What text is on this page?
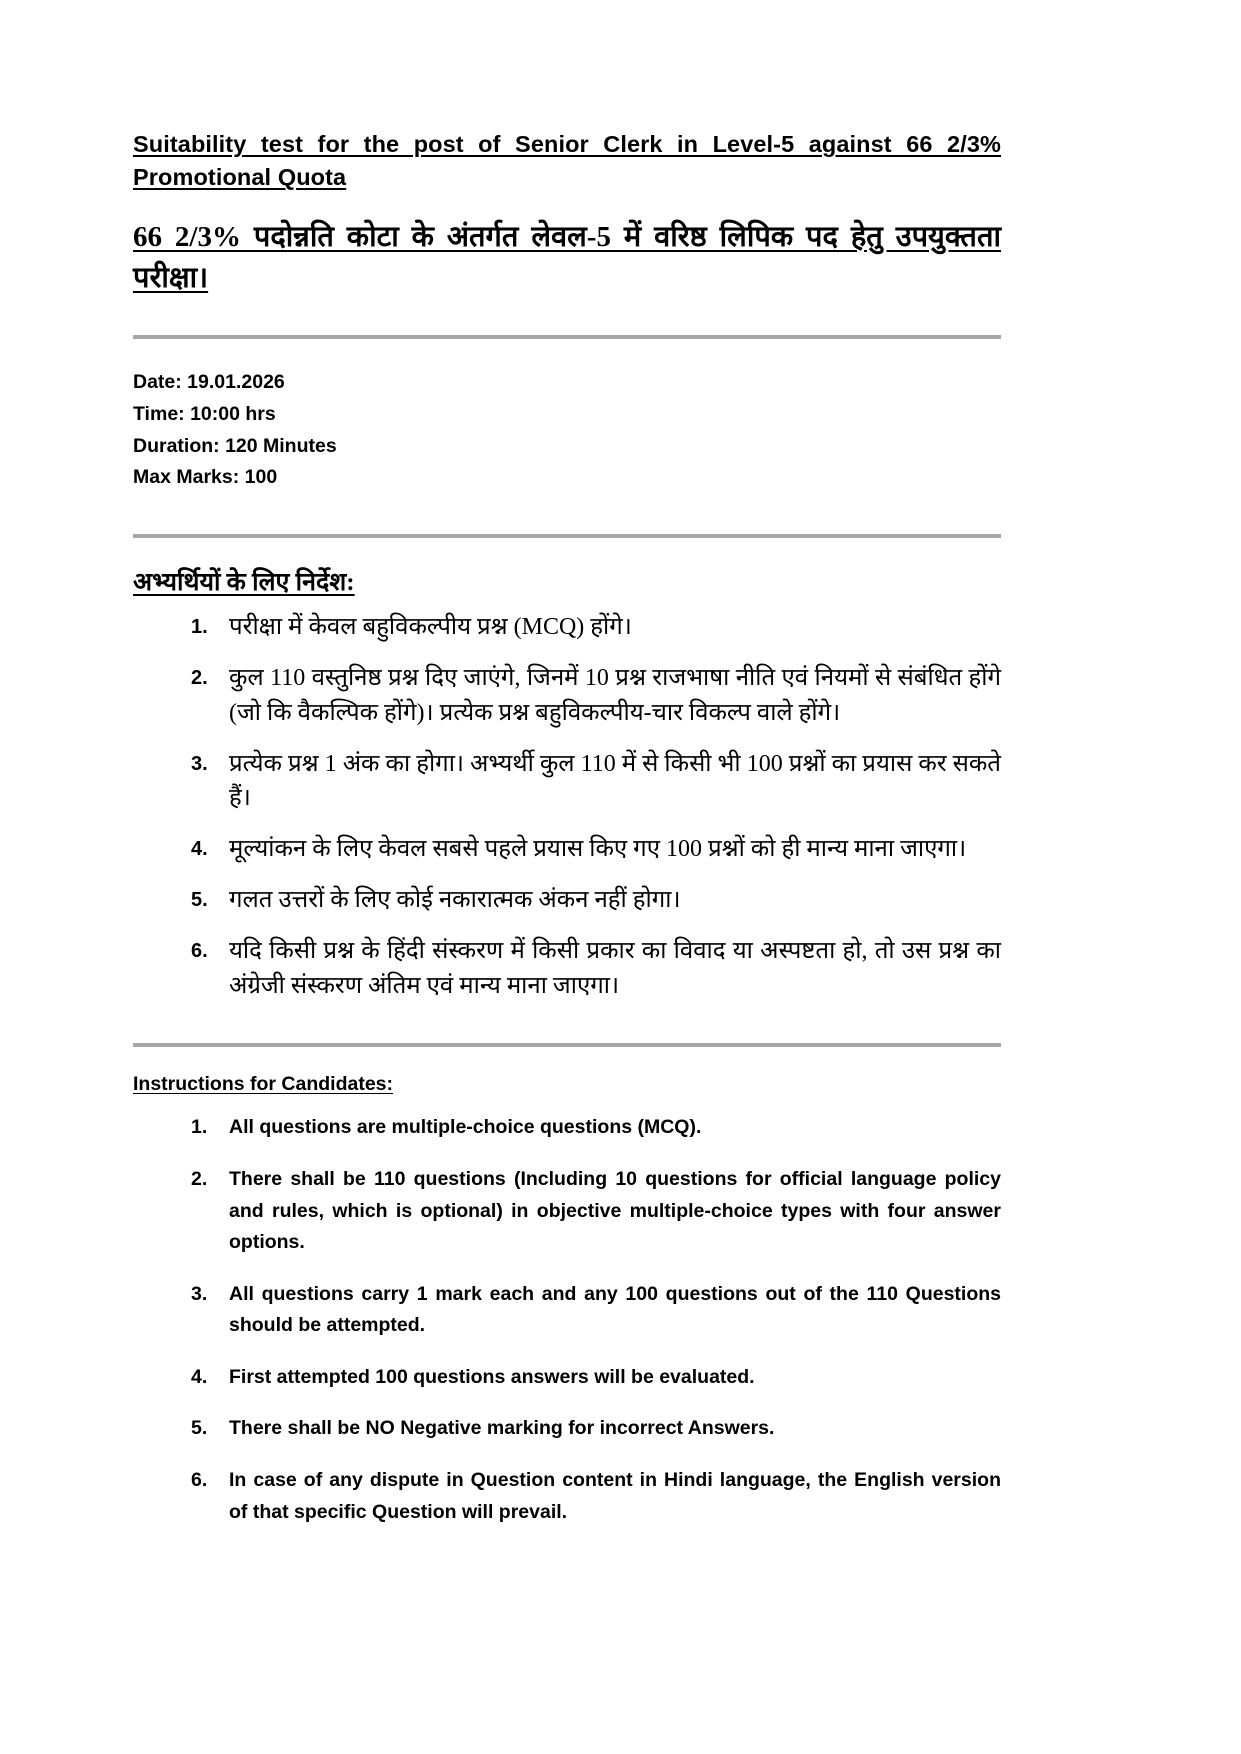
Suitability test for the post of Senior Clerk in Level-5 against 66 2/3% Promotional Quota
66 2/3% पदोन्नति कोटा के अंतर्गत लेवल-5 में वरिष्ठ लिपिक पद हेतु उपयुक्तता परीक्षा।
Date: 19.01.2026
Time: 10:00 hrs
Duration: 120 Minutes
Max Marks: 100
अभ्यर्थियों के लिए निर्देश:
परीक्षा में केवल बहुविकल्पीय प्रश्न (MCQ) होंगे।
कुल 110 वस्तुनिष्ठ प्रश्न दिए जाएंगे, जिनमें 10 प्रश्न राजभाषा नीति एवं नियमों से संबंधित होंगे (जो कि वैकल्पिक होंगे)। प्रत्येक प्रश्न बहुविकल्पीय-चार विकल्प वाले होंगे।
प्रत्येक प्रश्न 1 अंक का होगा। अभ्यर्थी कुल 110 में से किसी भी 100 प्रश्नों का प्रयास कर सकते हैं।
मूल्यांकन के लिए केवल सबसे पहले प्रयास किए गए 100 प्रश्नों को ही मान्य माना जाएगा।
गलत उत्तरों के लिए कोई नकारात्मक अंकन नहीं होगा।
यदि किसी प्रश्न के हिंदी संस्करण में किसी प्रकार का विवाद या अस्पष्टता हो, तो उस प्रश्न का अंग्रेजी संस्करण अंतिम एवं मान्य माना जाएगा।
Instructions for Candidates:
All questions are multiple-choice questions (MCQ).
There shall be 110 questions (Including 10 questions for official language policy and rules, which is optional) in objective multiple-choice types with four answer options.
All questions carry 1 mark each and any 100 questions out of the 110 Questions should be attempted.
First attempted 100 questions answers will be evaluated.
There shall be NO Negative marking for incorrect Answers.
In case of any dispute in Question content in Hindi language, the English version of that specific Question will prevail.
